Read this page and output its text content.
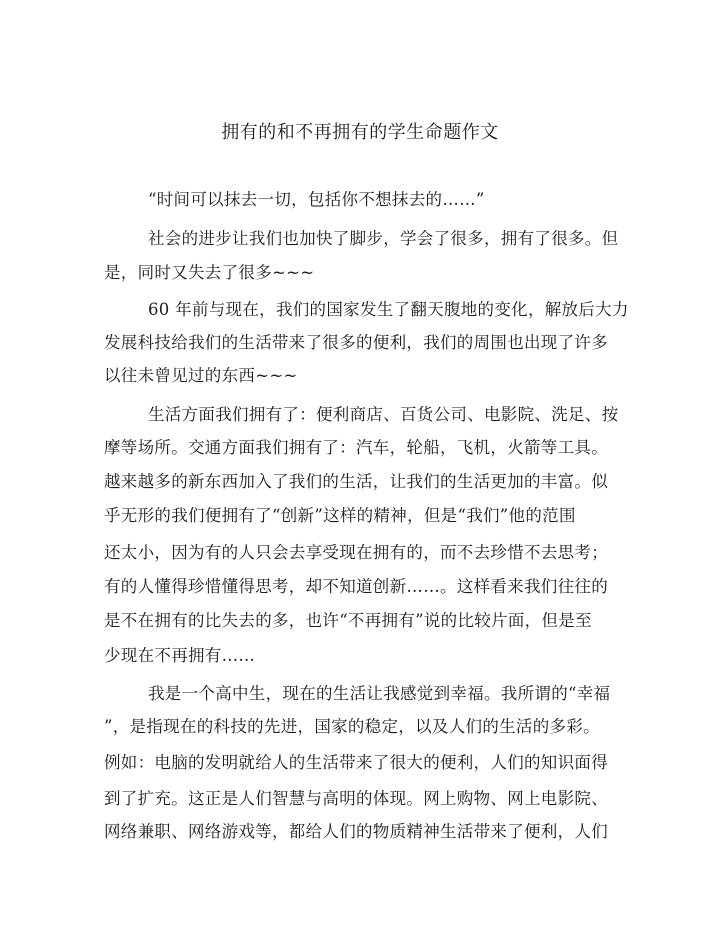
拥有的和不再拥有的学生命题作文
“时间可以抹去一切，包括你不想抹去的……”
社会的进步让我们也加快了脚步，学会了很多，拥有了很多。但
是，同时又失去了很多~~~
60 年前与现在，我们的国家发生了翻天腹地的变化，解放后大力
发展科技给我们的生活带来了很多的便利，我们的周围也出现了许多
以往未曾见过的东西~~~
生活方面我们拥有了：便利商店、百货公司、电影院、洗足、按
摩等场所。交通方面我们拥有了：汽车，轮船，飞机，火箭等工具。
越来越多的新东西加入了我们的生活，让我们的生活更加的丰富。似
乎无形的我们便拥有了“创新”这样的精神，但是“我们”他的范围
还太小，因为有的人只会去享受现在拥有的，而不去珍惜不去思考；
有的人懂得珍惜懂得思考，却不知道创新……。这样看来我们往往的
是不在拥有的比失去的多，也许“不再拥有”说的比较片面，但是至
少现在不再拥有……
我是一个高中生，现在的生活让我感觉到幸福。我所谓的“幸福
”，是指现在的科技的先进，国家的稳定，以及人们的生活的多彩。
例如：电脑的发明就给人的生活带来了很大的便利，人们的知识面得
到了扩充。这正是人们智慧与高明的体现。网上购物、网上电影院、
网络兼职、网络游戏等，都给人们的物质精神生活带来了便利，人们
